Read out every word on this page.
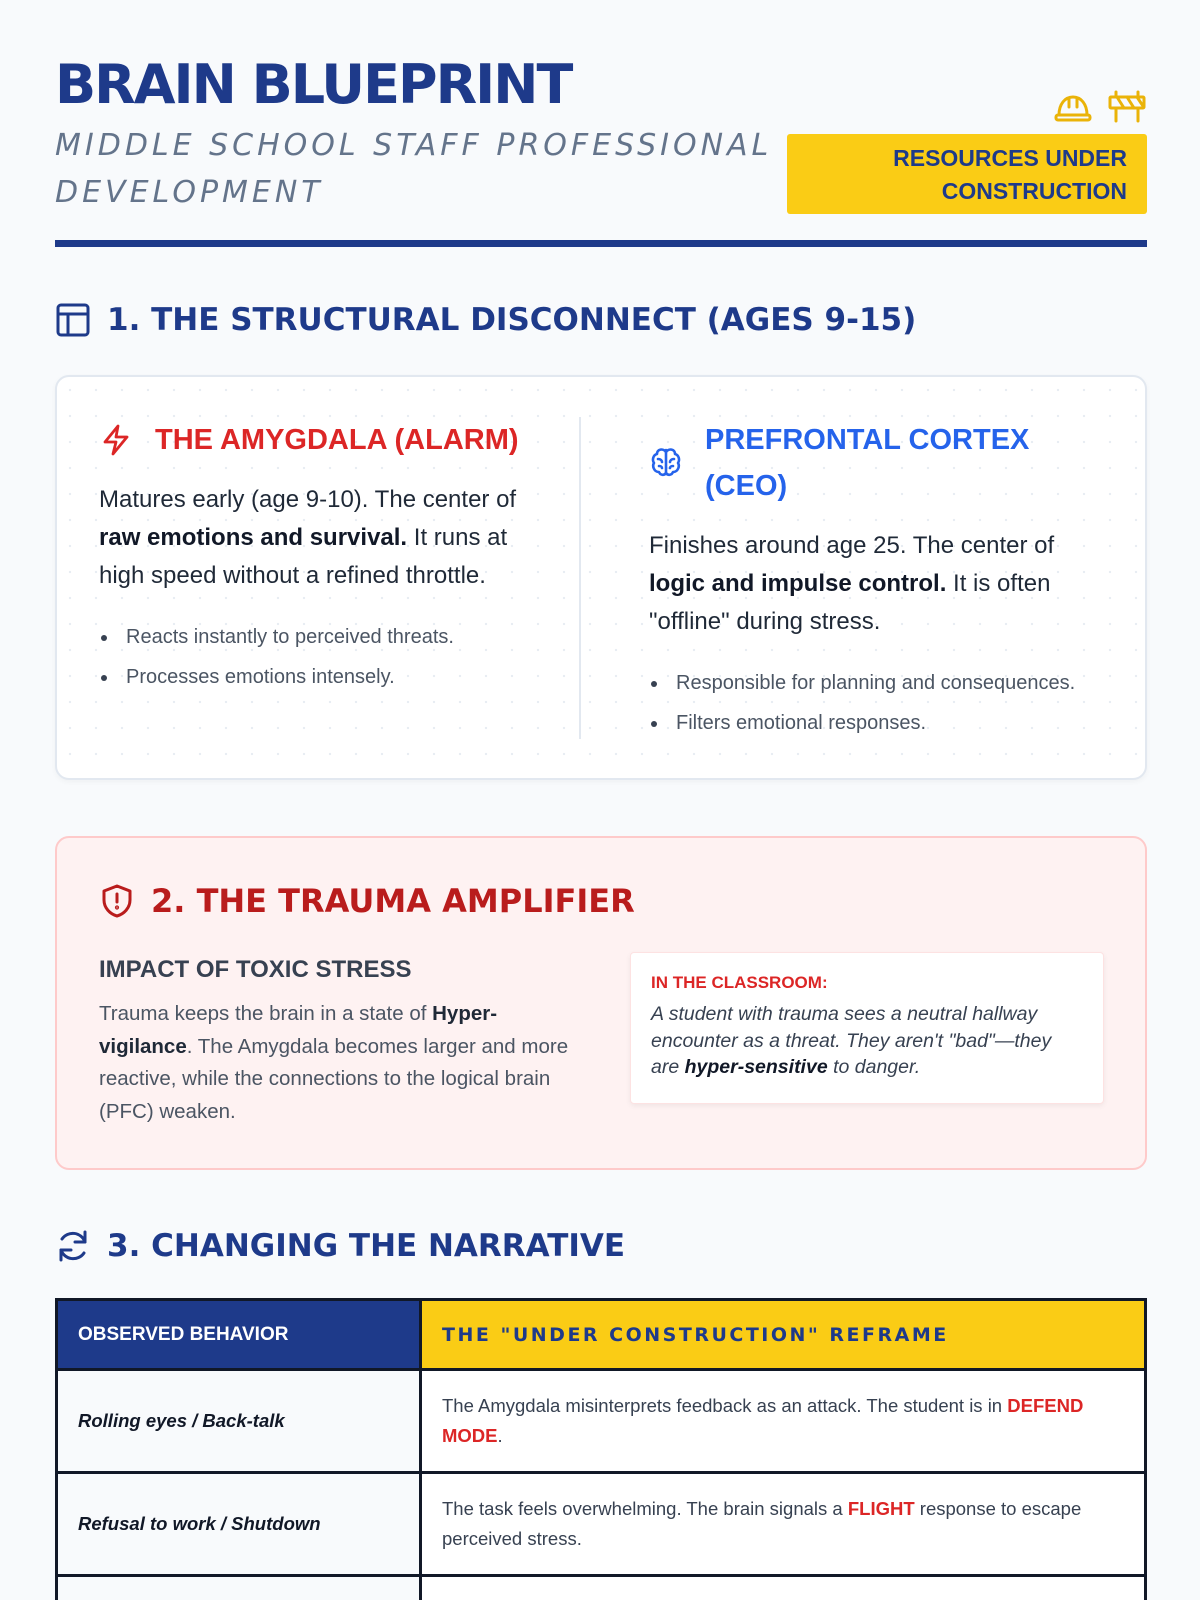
BRAIN BLUEPRINT
MIDDLE SCHOOL STAFF PROFESSIONAL DEVELOPMENT
RESOURCES UNDER CONSTRUCTION
1. THE STRUCTURAL DISCONNECT (AGES 9-15)
THE AMYGDALA (ALARM)

Matures early (age 9-10). The center of raw emotions and survival. It runs at high speed without a refined throttle.

Reacts instantly to perceived threats.
Processes emotions intensely.
PREFRONTAL CORTEX (CEO)

Finishes around age 25. The center of logic and impulse control. It is often "offline" during stress.

Responsible for planning and consequences.
Filters emotional responses.
2. THE TRAUMA AMPLIFIER
IMPACT OF TOXIC STRESS

Trauma keeps the brain in a state of Hyper-vigilance. The Amygdala becomes larger and more reactive, while the connections to the logical brain (PFC) weaken.

IN THE CLASSROOM:

A student with trauma sees a neutral hallway encounter as a threat. They aren't "bad"—they are hyper-sensitive to danger.

3. CHANGING THE NARRATIVE
OBSERVED BEHAVIOR	THE "UNDER CONSTRUCTION" REFRAME
Rolling eyes / Back-talk	The Amygdala misinterprets feedback as an attack. The student is in DEFEND MODE.
Refusal to work / Shutdown	The task feels overwhelming. The brain signals a FLIGHT response to escape perceived stress.
